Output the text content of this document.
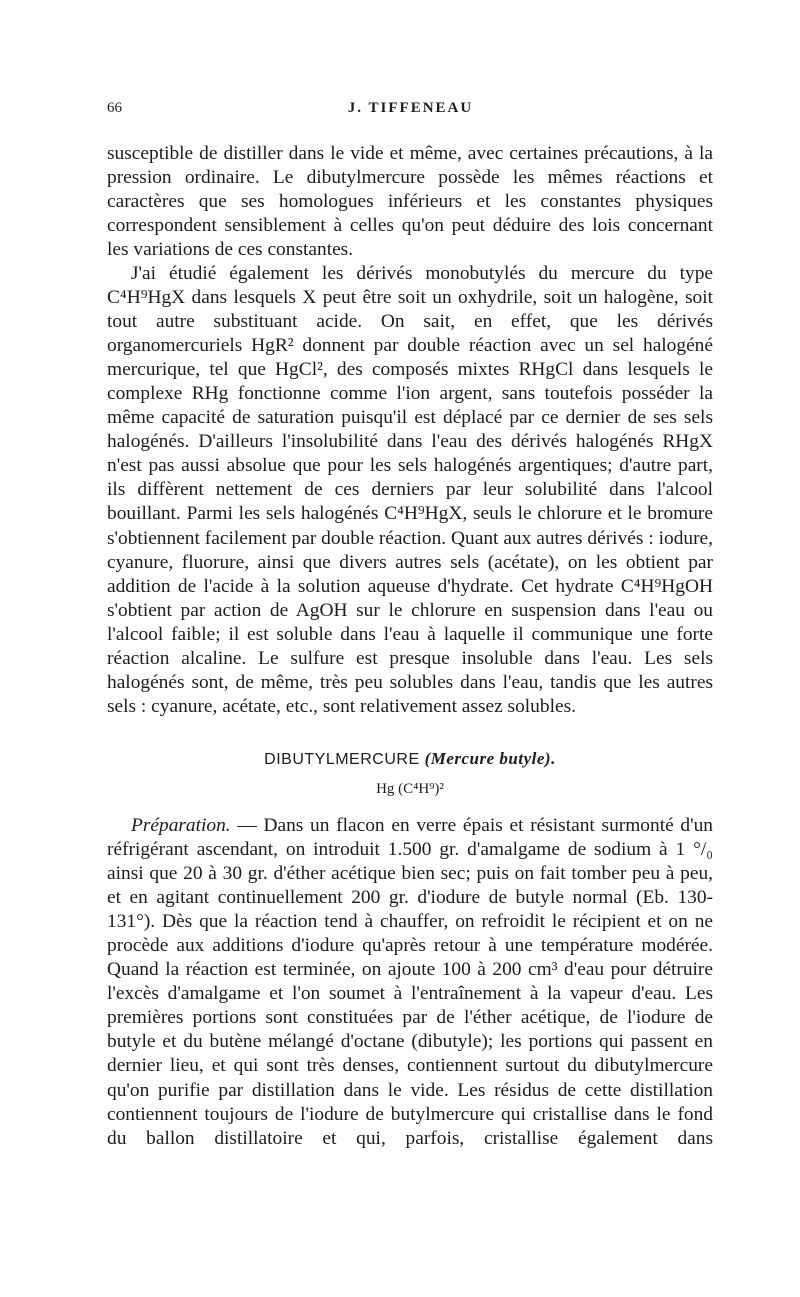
66	J. TIFFENEAU

susceptible de distiller dans le vide et même, avec certaines précautions, à la pression ordinaire. Le dibutylmercure possède les mêmes réactions et caractères que ses homologues inférieurs et les constantes physiques correspondent sensiblement à celles qu'on peut déduire des lois concernant les variations de ces constantes.

J'ai étudié également les dérivés monobutylés du mercure du type C⁴H⁹HgX dans lesquels X peut être soit un oxhydrile, soit un halogène, soit tout autre substituant acide. On sait, en effet, que les dérivés organomercuriels HgR² donnent par double réaction avec un sel halogéné mercurique, tel que HgCl², des composés mixtes RHgCl dans lesquels le complexe RHg fonctionne comme l'ion argent, sans toutefois posséder la même capacité de saturation puisqu'il est déplacé par ce dernier de ses sels halogénés. D'ailleurs l'insolubilité dans l'eau des dérivés halogénés RHgX n'est pas aussi absolue que pour les sels halogénés argentiques; d'autre part, ils diffèrent nettement de ces derniers par leur solubilité dans l'alcool bouillant. Parmi les sels halogénés C⁴H⁹HgX, seuls le chlorure et le bromure s'obtiennent facilement par double réaction. Quant aux autres dérivés : iodure, cyanure, fluorure, ainsi que divers autres sels (acétate), on les obtient par addition de l'acide à la solution aqueuse d'hydrate. Cet hydrate C⁴H⁹HgOH s'obtient par action de AgOH sur le chlorure en suspension dans l'eau ou l'alcool faible; il est soluble dans l'eau à laquelle il communique une forte réaction alcaline. Le sulfure est presque insoluble dans l'eau. Les sels halogénés sont, de même, très peu solubles dans l'eau, tandis que les autres sels : cyanure, acétate, etc., sont relativement assez solubles.

DIBUTYLMERCURE (Mercure butyle).
Hg (C⁴H⁹)²

Préparation. — Dans un flacon en verre épais et résistant surmonté d'un réfrigérant ascendant, on introduit 1.500 gr. d'amalgame de sodium à 1 °/₀ ainsi que 20 à 30 gr. d'éther acétique bien sec; puis on fait tomber peu à peu, et en agitant continuellement 200 gr. d'iodure de butyle normal (Eb. 130-131°). Dès que la réaction tend à chauffer, on refroidit le récipient et on ne procède aux additions d'iodure qu'après retour à une température modérée. Quand la réaction est terminée, on ajoute 100 à 200 cm³ d'eau pour détruire l'excès d'amalgame et l'on soumet à l'entraînement à la vapeur d'eau. Les premières portions sont constituées par de l'éther acétique, de l'iodure de butyle et du butène mélangé d'octane (dibutyle); les portions qui passent en dernier lieu, et qui sont très denses, contiennent surtout du dibutylmercure qu'on purifie par distillation dans le vide. Les résidus de cette distillation contiennent toujours de l'iodure de butylmercure qui cristallise dans le fond du ballon distillatoire et qui, parfois, cristallise également dans
